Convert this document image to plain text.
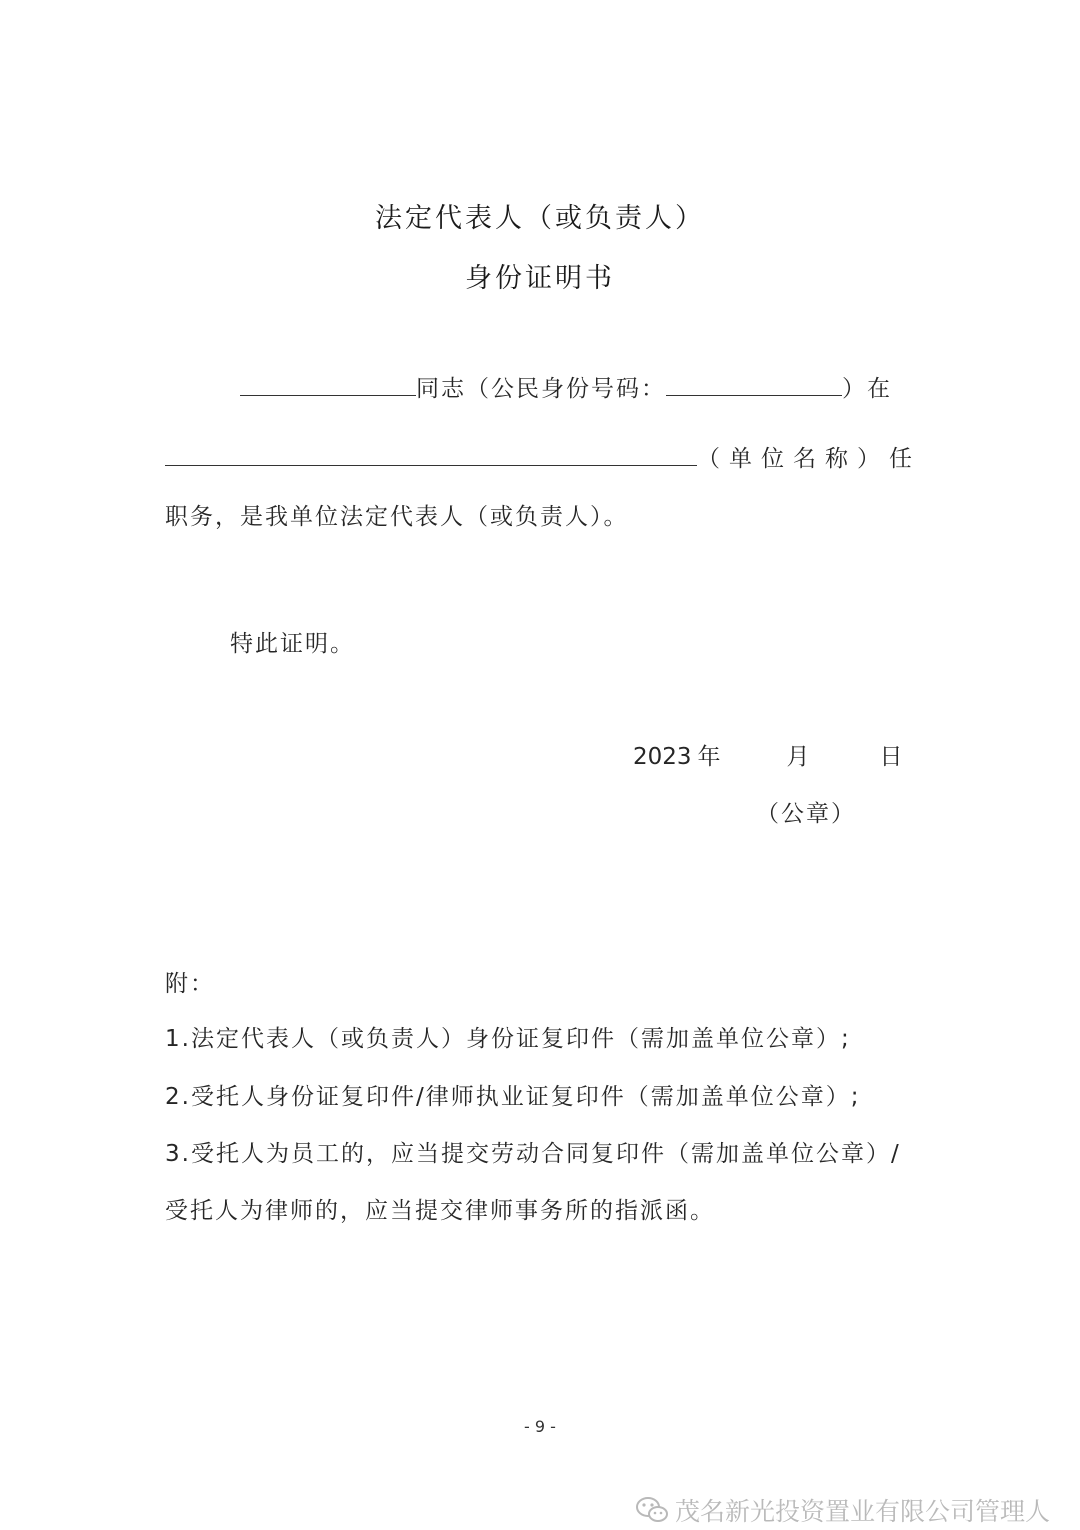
法定代表人（或负责人）
身份证明书
同志（公民身份号码：	）在
（单位名称）任
职务，是我单位法定代表人（或负责人）。
特此证明。
2023 年	月	日
（公章）
附：
1.法定代表人（或负责人）身份证复印件（需加盖单位公章）;
2.受托人身份证复印件/律师执业证复印件（需加盖单位公章）;
3.受托人为员工的，应当提交劳动合同复印件（需加盖单位公章）/
受托人为律师的，应当提交律师事务所的指派函。
- 9 -
茂名新光投资置业有限公司管理人
